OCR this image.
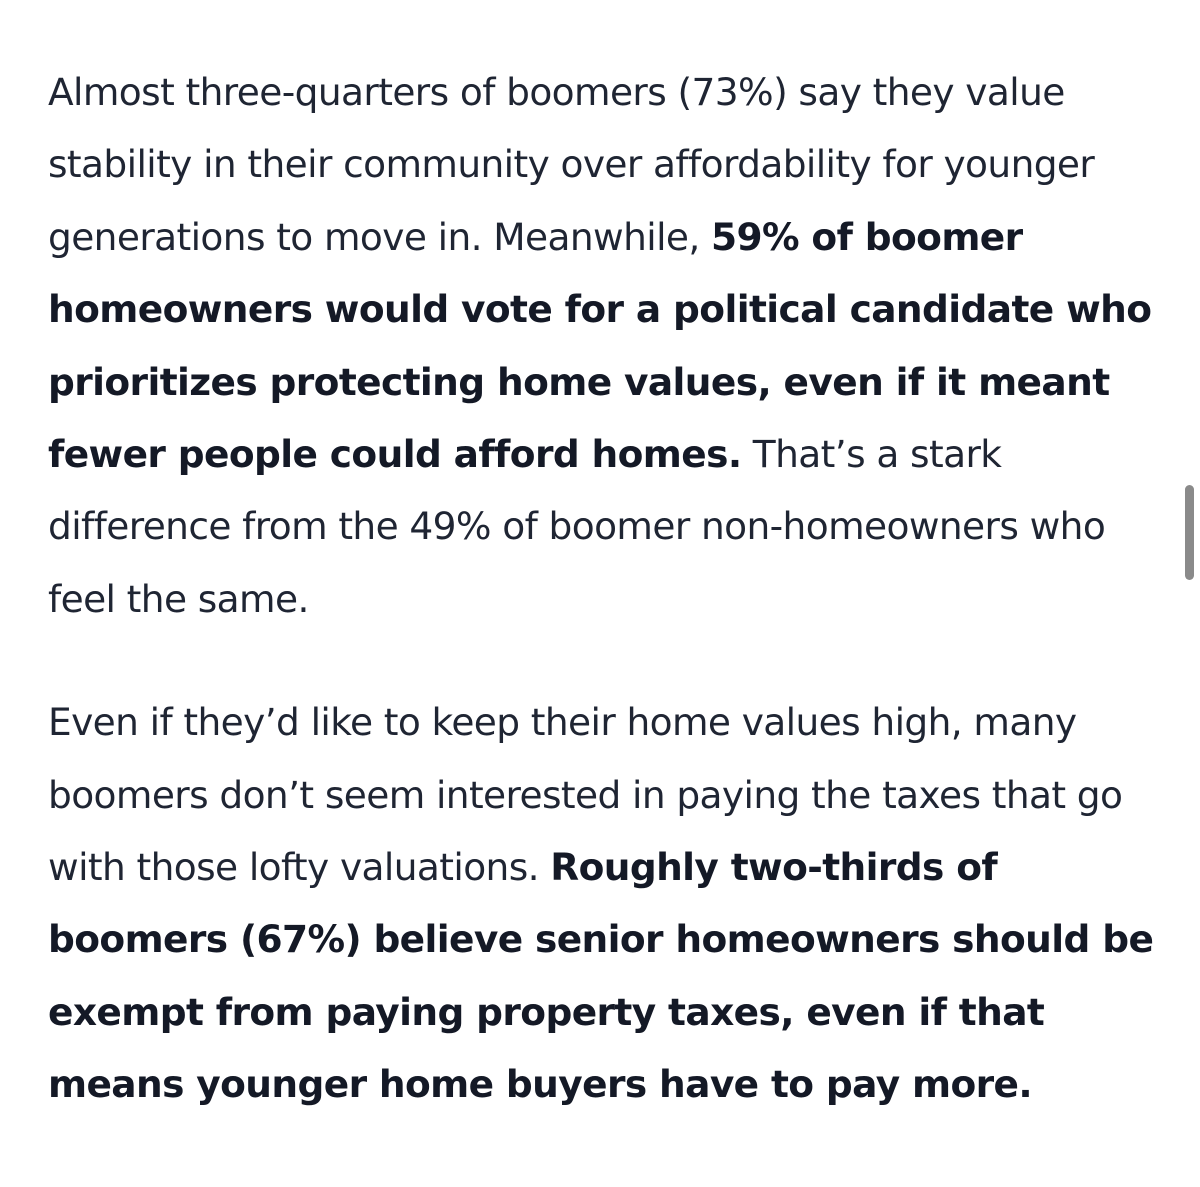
Almost three-quarters of boomers (73%) say they value stability in their community over affordability for younger generations to move in. Meanwhile, 59% of boomer homeowners would vote for a political candidate who prioritizes protecting home values, even if it meant fewer people could afford homes. That’s a stark difference from the 49% of boomer non-homeowners who feel the same.

Even if they’d like to keep their home values high, many boomers don’t seem interested in paying the taxes that go with those lofty valuations. Roughly two-thirds of boomers (67%) believe senior homeowners should be exempt from paying property taxes, even if that means younger home buyers have to pay more.
